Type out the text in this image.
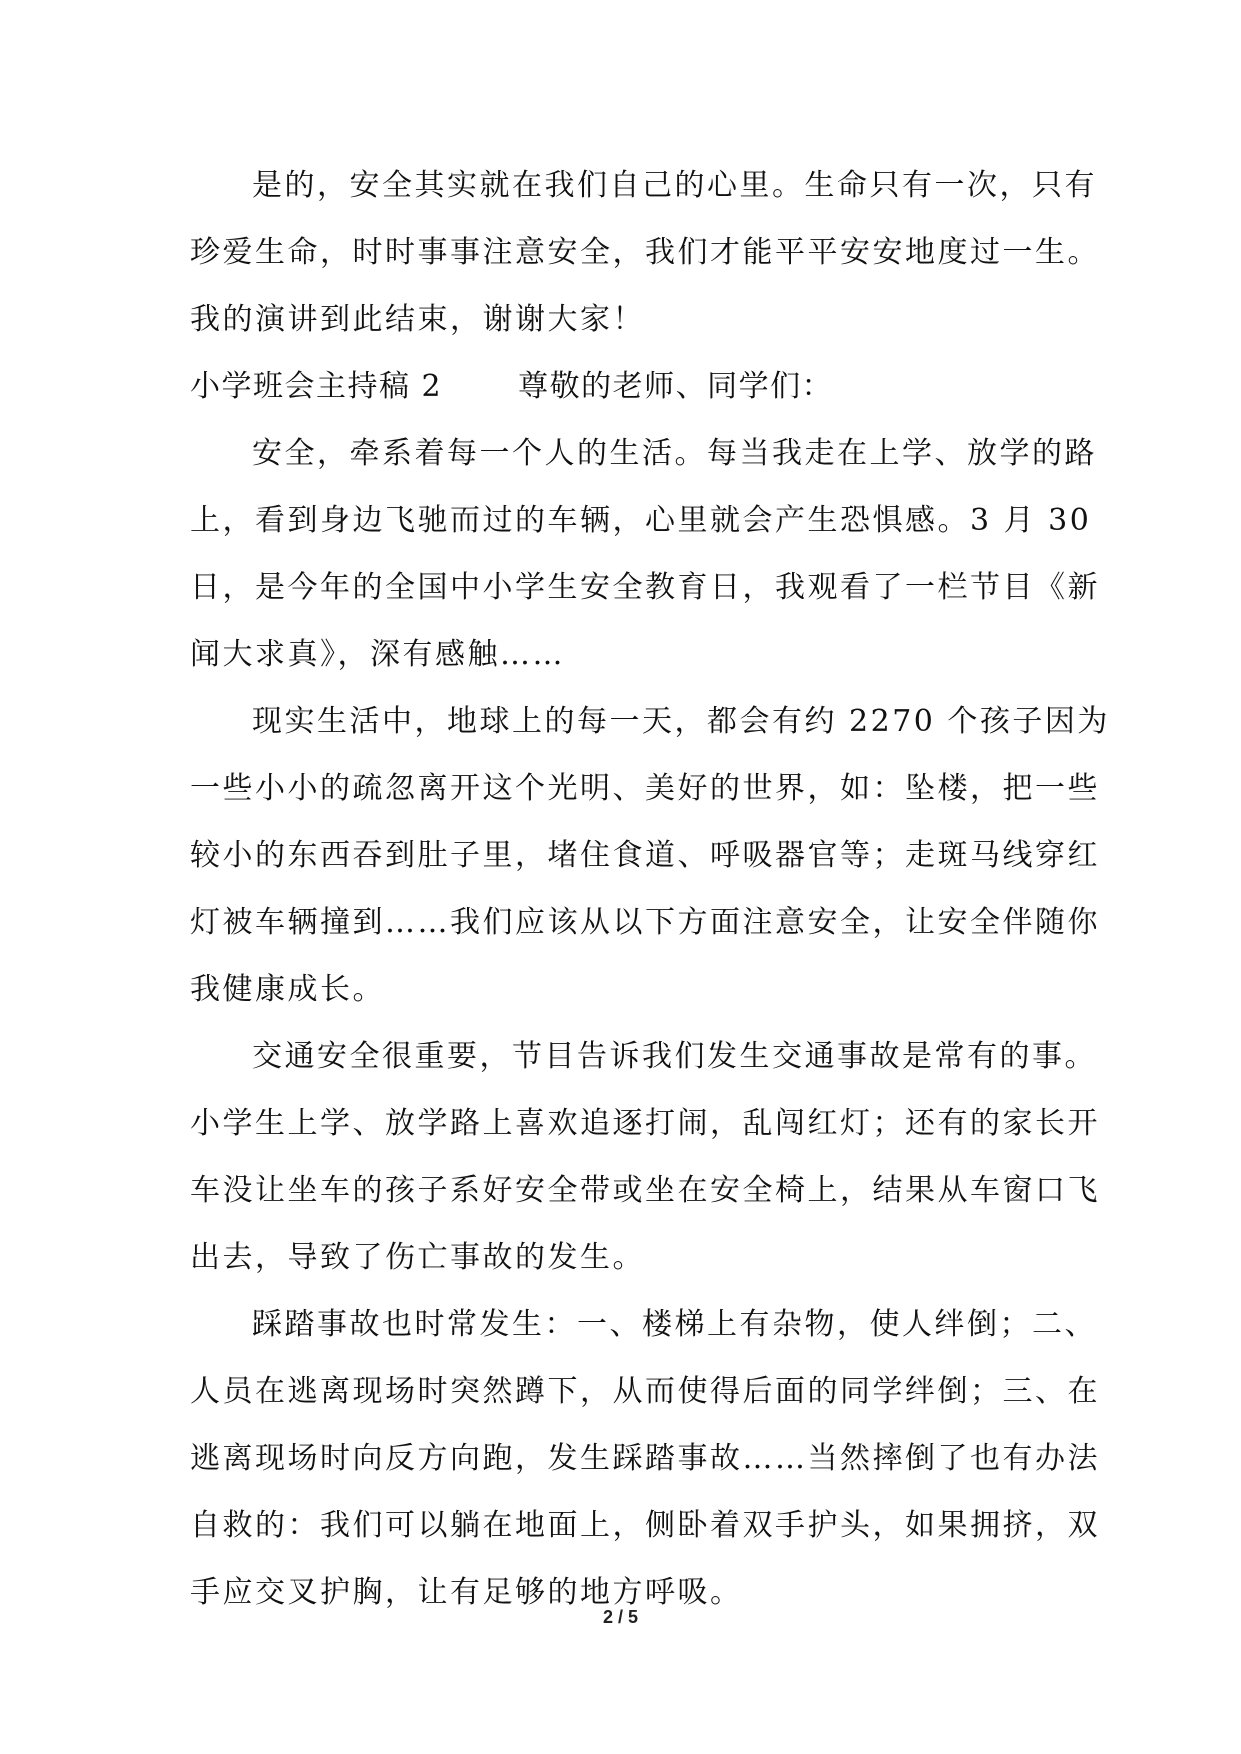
是的，安全其实就在我们自己的心里。生命只有一次，只有
珍爱生命，时时事事注意安全，我们才能平平安安地度过一生。
我的演讲到此结束，谢谢大家！
小学班会主持稿 2	尊敬的老师、同学们：
安全，牵系着每一个人的生活。每当我走在上学、放学的路
上，看到身边飞驰而过的车辆，心里就会产生恐惧感。3 月 30
日，是今年的全国中小学生安全教育日，我观看了一栏节目《新
闻大求真》，深有感触……
现实生活中，地球上的每一天，都会有约 2270 个孩子因为
一些小小的疏忽离开这个光明、美好的世界，如：坠楼，把一些
较小的东西吞到肚子里，堵住食道、呼吸器官等；走斑马线穿红
灯被车辆撞到……我们应该从以下方面注意安全，让安全伴随你
我健康成长。
交通安全很重要，节目告诉我们发生交通事故是常有的事。
小学生上学、放学路上喜欢追逐打闹，乱闯红灯；还有的家长开
车没让坐车的孩子系好安全带或坐在安全椅上，结果从车窗口飞
出去，导致了伤亡事故的发生。
踩踏事故也时常发生：一、楼梯上有杂物，使人绊倒；二、
人员在逃离现场时突然蹲下，从而使得后面的同学绊倒；三、在
逃离现场时向反方向跑，发生踩踏事故……当然摔倒了也有办法
自救的：我们可以躺在地面上，侧卧着双手护头，如果拥挤，双
手应交叉护胸，让有足够的地方呼吸。
2 / 5
